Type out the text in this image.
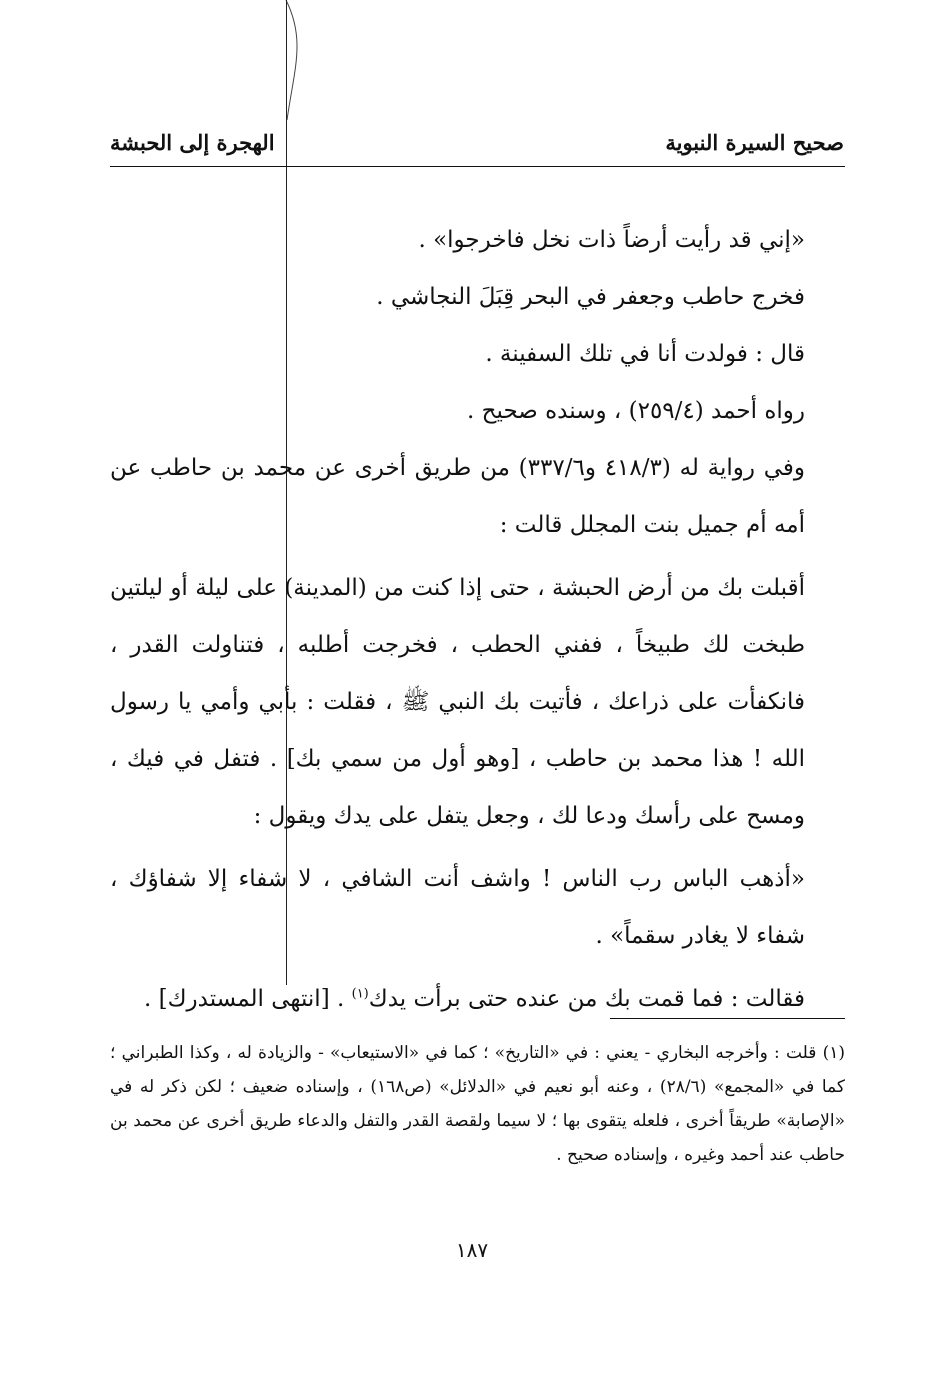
صحيح السيرة النبوية
الهجرة إلى الحبشة

«إني قد رأيت أرضاً ذات نخل فاخرجوا» .

فخرج حاطب وجعفر في البحر قِبَلَ النجاشي .

قال : فولدت أنا في تلك السفينة .

رواه أحمد (٢٥٩/٤) ، وسنده صحيح .

وفي رواية له (٤١٨/٣ و٣٣٧/٦) من طريق أخرى عن محمد بن حاطب عن أمه أم جميل بنت المجلل قالت :

أقبلت بك من أرض الحبشة ، حتى إذا كنت من (المدينة) على ليلة أو ليلتين طبخت لك طبيخاً ، ففني الحطب ، فخرجت أطلبه ، فتناولت القدر ، فانكفأت على ذراعك ، فأتيت بك النبي ﷺ ، فقلت : بأبي وأمي يا رسول الله ! هذا محمد بن حاطب ، [وهو أول من سمي بك] . فتفل في فيك ، ومسح على رأسك ودعا لك ، وجعل يتفل على يدك ويقول :

«أذهب الباس رب الناس ! واشف أنت الشافي ، لا شفاء إلا شفاؤك ، شفاء لا يغادر سقماً» .

فقالت : فما قمت بك من عنده حتى برأت يدك$^{(١)}$ . [انتهى المستدرك] .

(١) قلت : وأخرجه البخاري - يعني : في «التاريخ» ؛ كما في «الاستيعاب» - والزيادة له ، وكذا الطبراني ؛ كما في «المجمع» (٢٨/٦) ، وعنه أبو نعيم في «الدلائل» (ص١٦٨) ، وإسناده ضعيف ؛ لكن ذكر له في «الإصابة» طريقاً أخرى ، فلعله يتقوى بها ؛ لا سيما ولقصة القدر والتفل والدعاء طريق أخرى عن محمد بن حاطب عند أحمد وغيره ، وإسناده صحيح .

١٨٧
